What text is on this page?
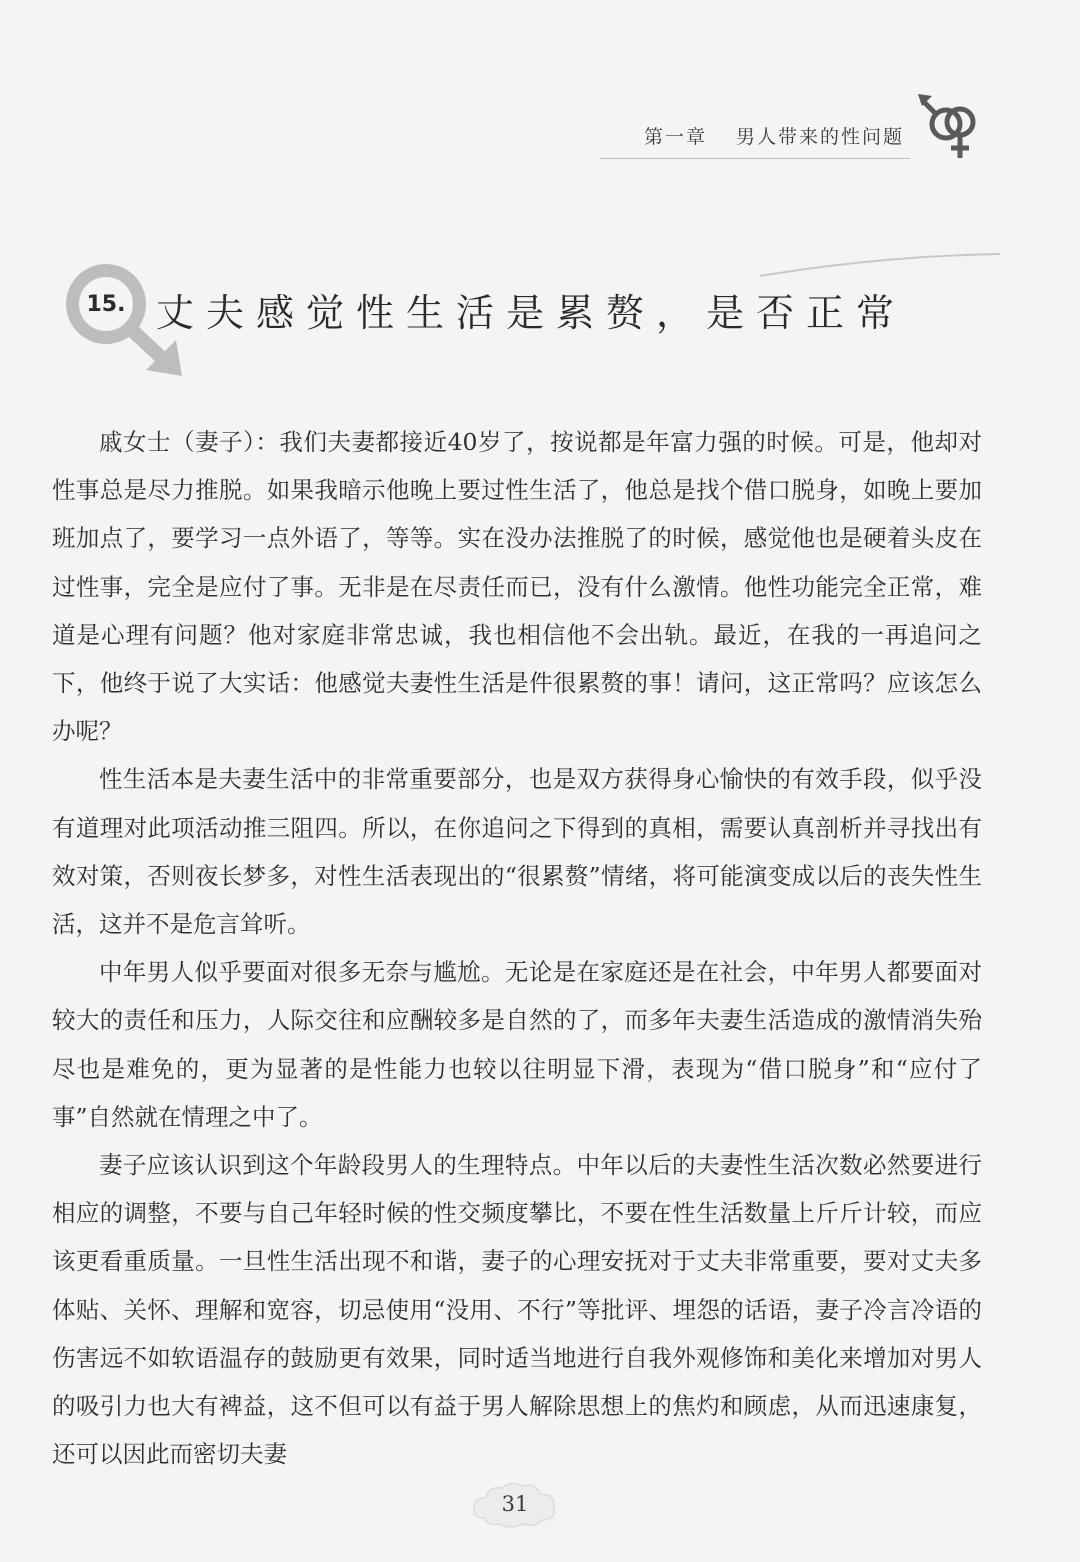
第一章 男人带来的性问题
15. 丈夫感觉性生活是累赘，是否正常

戚女士（妻子）：我们夫妻都接近40岁了，按说都是年富力强的时候。可是，他却对性事总是尽力推脱。如果我暗示他晚上要过性生活了，他总是找个借口脱身，如晚上要加班加点了，要学习一点外语了，等等。实在没办法推脱了的时候，感觉他也是硬着头皮在过性事，完全是应付了事。无非是在尽责任而已，没有什么激情。他性功能完全正常，难道是心理有问题？他对家庭非常忠诚，我也相信他不会出轨。最近，在我的一再追问之下，他终于说了大实话：他感觉夫妻性生活是件很累赘的事！请问，这正常吗？应该怎么办呢？

性生活本是夫妻生活中的非常重要部分，也是双方获得身心愉快的有效手段，似乎没有道理对此项活动推三阻四。所以，在你追问之下得到的真相，需要认真剖析并寻找出有效对策，否则夜长梦多，对性生活表现出的“很累赘”情绪，将可能演变成以后的丧失性生活，这并不是危言耸听。

中年男人似乎要面对很多无奈与尴尬。无论是在家庭还是在社会，中年男人都要面对较大的责任和压力，人际交往和应酬较多是自然的了，而多年夫妻生活造成的激情消失殆尽也是难免的，更为显著的是性能力也较以往明显下滑，表现为“借口脱身”和“应付了事”自然就在情理之中了。

妻子应该认识到这个年龄段男人的生理特点。中年以后的夫妻性生活次数必然要进行相应的调整，不要与自己年轻时候的性交频度攀比，不要在性生活数量上斤斤计较，而应该更看重质量。一旦性生活出现不和谐，妻子的心理安抚对于丈夫非常重要，要对丈夫多体贴、关怀、理解和宽容，切忌使用“没用、不行”等批评、埋怨的话语，妻子冷言冷语的伤害远不如软语温存的鼓励更有效果，同时适当地进行自我外观修饰和美化来增加对男人的吸引力也大有裨益，这不但可以有益于男人解除思想上的焦灼和顾虑，从而迅速康复，还可以因此而密切夫妻

31
